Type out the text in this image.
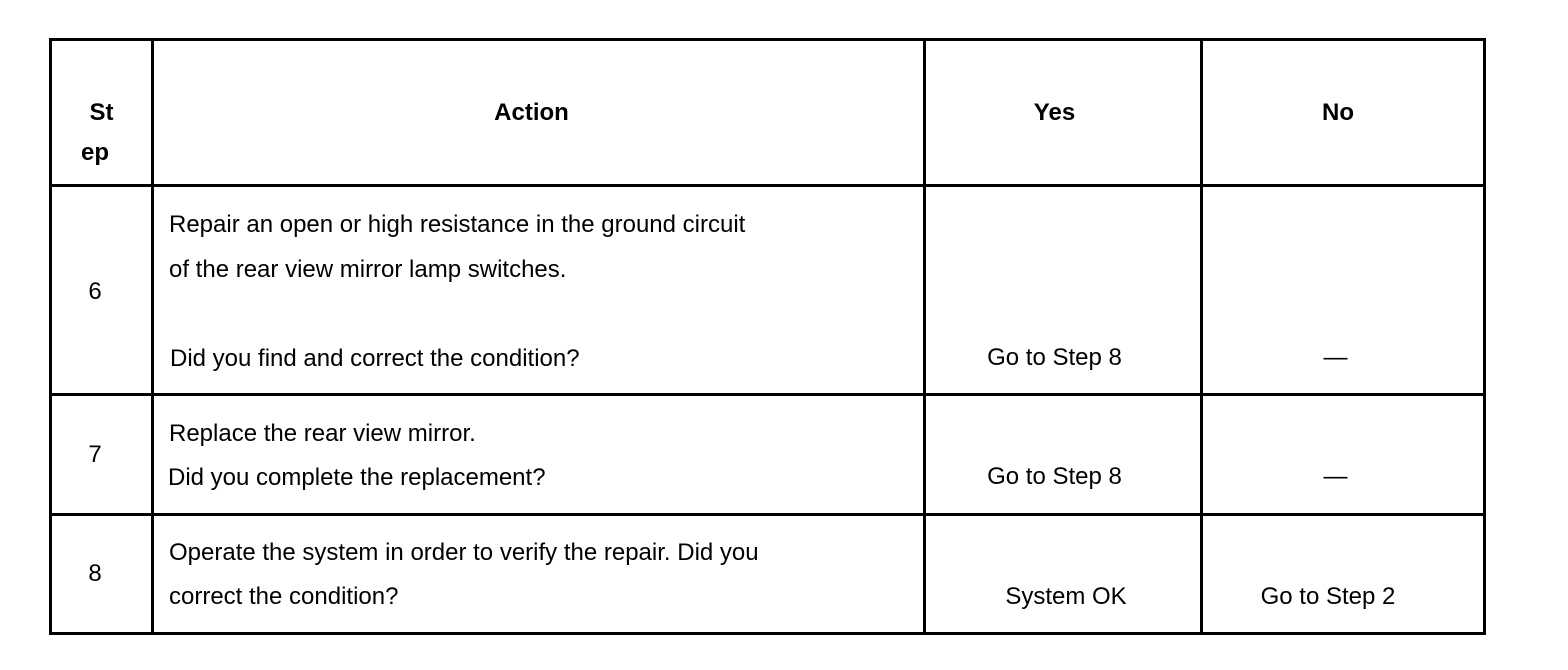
St
ep
Action	Yes	No
6
Repair an open or high resistance in the ground circuit
of the rear view mirror lamp switches.
Did you find and correct the condition?	Go to Step 8	—
7
Replace the rear view mirror.
Did you complete the replacement?	Go to Step 8	—
8
Operate the system in order to verify the repair. Did you
correct the condition?	System OK	Go to Step 2
